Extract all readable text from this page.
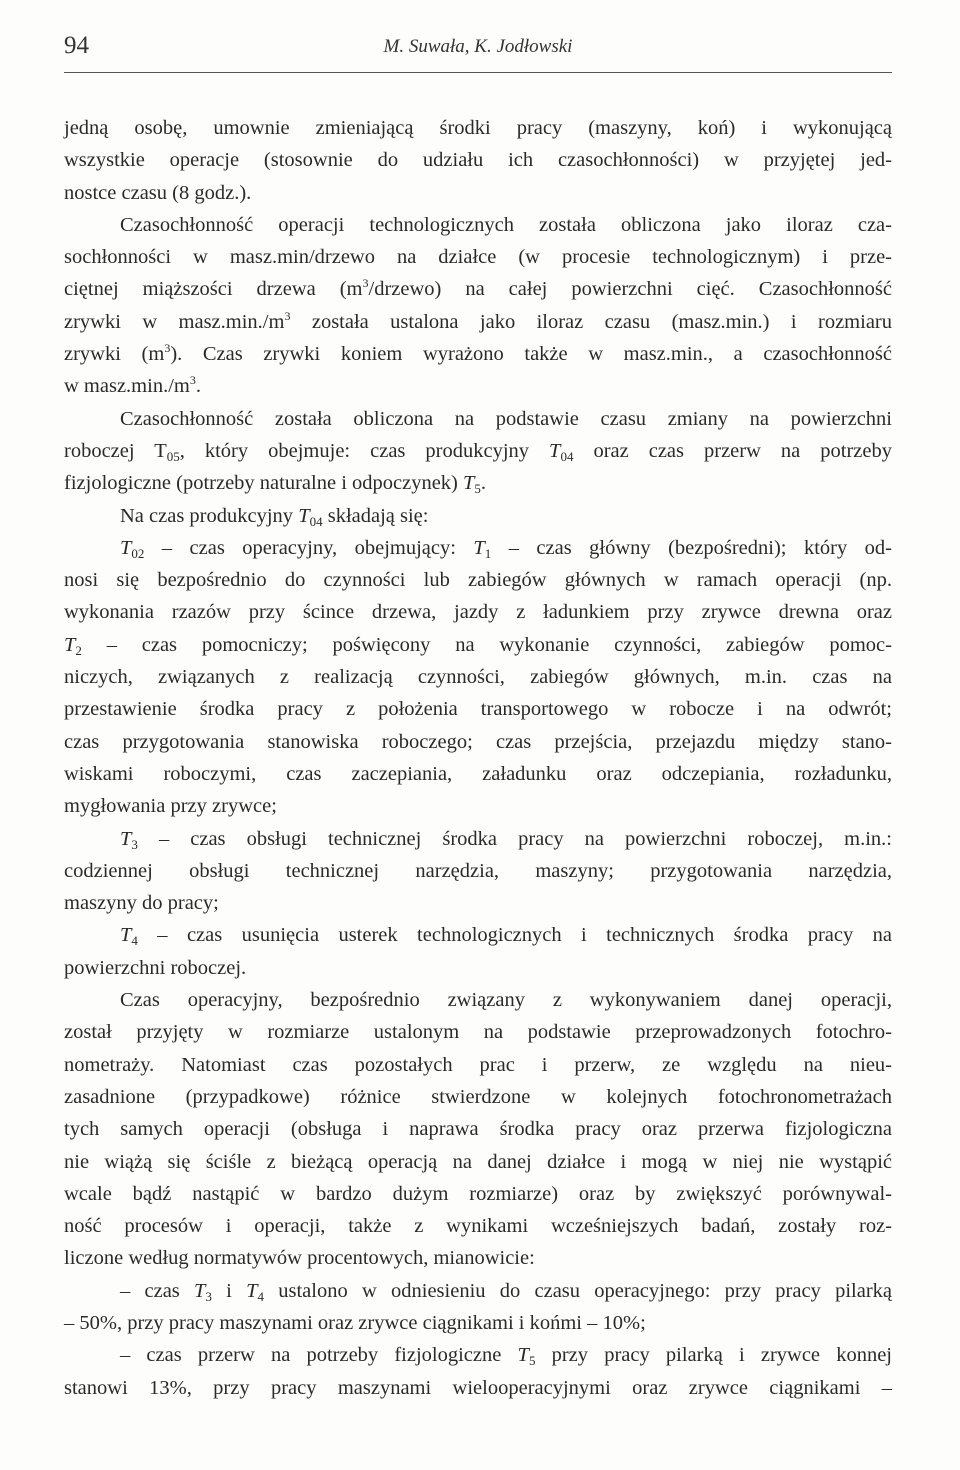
94	M. Suwała, K. Jodłowski
jedną osobę, umownie zmieniającą środki pracy (maszyny, koń) i wykonującą
wszystkie operacje (stosownie do udziału ich czasochłonności) w przyjętej jed-
nostce czasu (8 godz.).
Czasochłonność operacji technologicznych została obliczona jako iloraz cza-
sochłonności w masz.min/drzewo na działce (w procesie technologicznym) i prze-
ciętnej miąższości drzewa $(m^3/drzewo)$ na całej powierzchni cięć. Czasochłonność
zrywki w $masz.\min./m^3$ została ustalona jako iloraz czasu (masz.min.) i rozmiaru
zrywki $(m^3)$. Czas zrywki koniem wyrażono także w masz.min., a czasochłonność
w $masz.\min./m^3$.
Czasochłonność została obliczona na podstawie czasu zmiany na powierzchni
roboczej $T_{05}$, który obejmuje: czas produkcyjny $T_{04}$ oraz czas przerw na potrzeby
fizjologiczne (potrzeby naturalne i odpoczynek) $T_5$.
Na czas produkcyjny $T_{04}$ składają się:
$T_{02}$ – czas operacyjny, obejmujący: $T_1$ – czas główny (bezpośredni); który od-
nosi się bezpośrednio do czynności lub zabiegów głównych w ramach operacji (np.
wykonania rzazów przy ścince drzewa, jazdy z ładunkiem przy zrywce drewna oraz
$T_2$ – czas pomocniczy; poświęcony na wykonanie czynności, zabiegów pomoc-
niczych, związanych z realizacją czynności, zabiegów głównych, m.in. czas na
przestawienie środka pracy z położenia transportowego w robocze i na odwrót;
czas przygotowania stanowiska roboczego; czas przejścia, przejazdu między stano-
wiskami roboczymi, czas zaczepiania, załadunku oraz odczepiania, rozładunku,
mygłowania przy zrywce;
$T_3$ – czas obsługi technicznej środka pracy na powierzchni roboczej, m.in.:
codziennej obsługi technicznej narzędzia, maszyny; przygotowania narzędzia,
maszyny do pracy;
$T_4$ – czas usunięcia usterek technologicznych i technicznych środka pracy na
powierzchni roboczej.
Czas operacyjny, bezpośrednio związany z wykonywaniem danej operacji,
został przyjęty w rozmiarze ustalonym na podstawie przeprowadzonych fotochro-
nometraży. Natomiast czas pozostałych prac i przerw, ze względu na nieu-
zasadnione (przypadkowe) różnice stwierdzone w kolejnych fotochronometrażach
tych samych operacji (obsługa i naprawa środka pracy oraz przerwa fizjologiczna
nie wiążą się ściśle z bieżącą operacją na danej działce i mogą w niej nie wystąpić
wcale bądź nastąpić w bardzo dużym rozmiarze) oraz by zwiększyć porównywal-
ność procesów i operacji, także z wynikami wcześniejszych badań, zostały roz-
liczone według normatywów procentowych, mianowicie:
– czas $T_3$ i $T_4$ ustalono w odniesieniu do czasu operacyjnego: przy pracy pilarką
– 50%, przy pracy maszynami oraz zrywce ciągnikami i końmi – 10%;
– czas przerw na potrzeby fizjologiczne $T_5$ przy pracy pilarką i zrywce konnej
stanowi 13%, przy pracy maszynami wielooperacyjnymi oraz zrywce ciągnikami –
